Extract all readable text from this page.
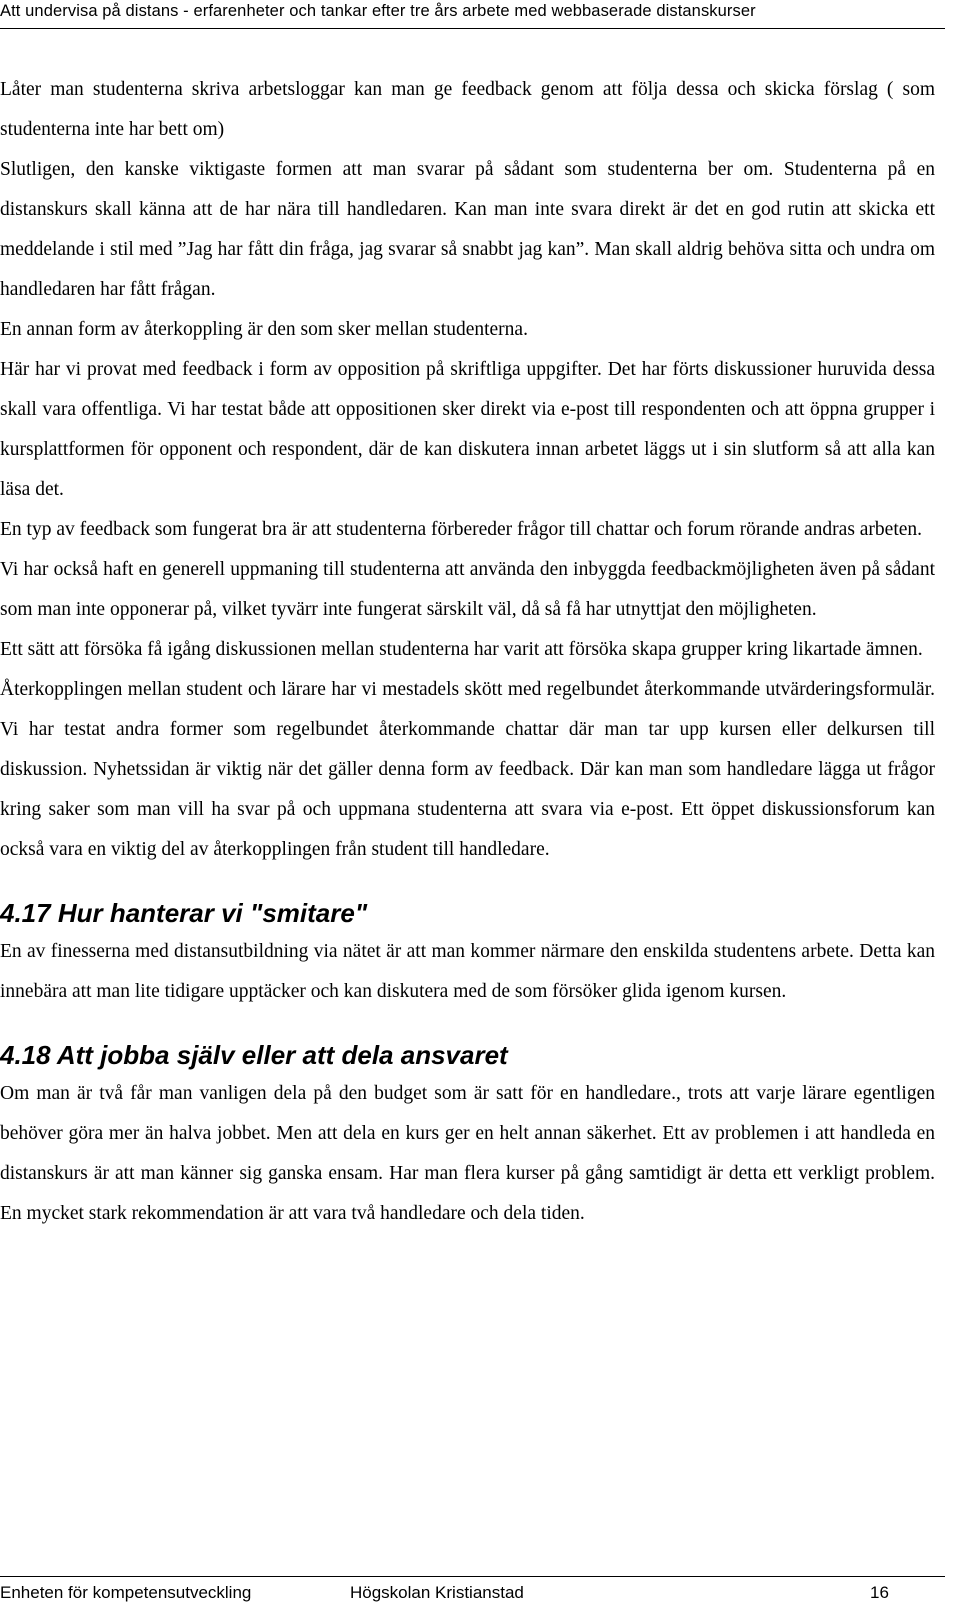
Att undervisa på distans - erfarenheter och tankar efter tre års arbete med webbaserade distanskurser

Låter man studenterna skriva arbetsloggar kan man ge feedback genom att följa dessa och skicka förslag ( som studenterna inte har bett om)

Slutligen, den kanske viktigaste formen att man svarar på sådant som studenterna ber om. Studenterna på en distanskurs skall känna att de har nära till handledaren. Kan man inte svara direkt är det en god rutin att skicka ett meddelande i stil med ”Jag har fått din fråga, jag svarar så snabbt jag kan”. Man skall aldrig behöva sitta och undra om handledaren har fått frågan.

En annan form av återkoppling är den som sker mellan studenterna.

Här har vi provat med feedback i form av opposition på skriftliga uppgifter. Det har förts diskussioner huruvida dessa skall vara offentliga. Vi har testat både att oppositionen sker direkt via e-post till respondenten och att öppna grupper i kursplattformen för opponent och respondent, där de kan diskutera innan arbetet läggs ut i sin slutform så att alla kan läsa det.

En typ av feedback som fungerat bra är att studenterna förbereder frågor till chattar och forum rörande andras arbeten.

Vi har också haft en generell uppmaning till studenterna att använda den inbyggda feedbackmöjligheten även på sådant som man inte opponerar på, vilket tyvärr inte fungerat särskilt väl, då så få har utnyttjat den möjligheten.

Ett sätt att försöka få igång diskussionen mellan studenterna har varit att försöka skapa grupper kring likartade ämnen.

Återkopplingen mellan student och lärare har vi mestadels skött med regelbundet återkommande utvärderingsformulär. Vi har testat andra former som regelbundet återkommande chattar där man tar upp kursen eller delkursen till diskussion. Nyhetssidan är viktig när det gäller denna form av feedback. Där kan man som handledare lägga ut frågor kring saker som man vill ha svar på och uppmana studenterna att svara via e-post. Ett öppet diskussionsforum kan också vara en viktig del av återkopplingen från student till handledare.

4.17 Hur hanterar vi "smitare"

En av finesserna med distansutbildning via nätet är att man kommer närmare den enskilda studentens arbete. Detta kan innebära att man lite tidigare upptäcker och kan diskutera med de som försöker glida igenom kursen.

4.18 Att jobba själv eller att dela ansvaret

Om man är två får man vanligen dela på den budget som är satt för en handledare., trots att varje lärare egentligen behöver göra mer än halva jobbet. Men att dela en kurs ger en helt annan säkerhet. Ett av problemen i att handleda en distanskurs är att man känner sig ganska ensam. Har man flera kurser på gång samtidigt är detta ett verkligt problem. En mycket stark rekommendation är att vara två handledare och dela tiden.

Enheten för kompetensutveckling	Högskolan Kristianstad	16
